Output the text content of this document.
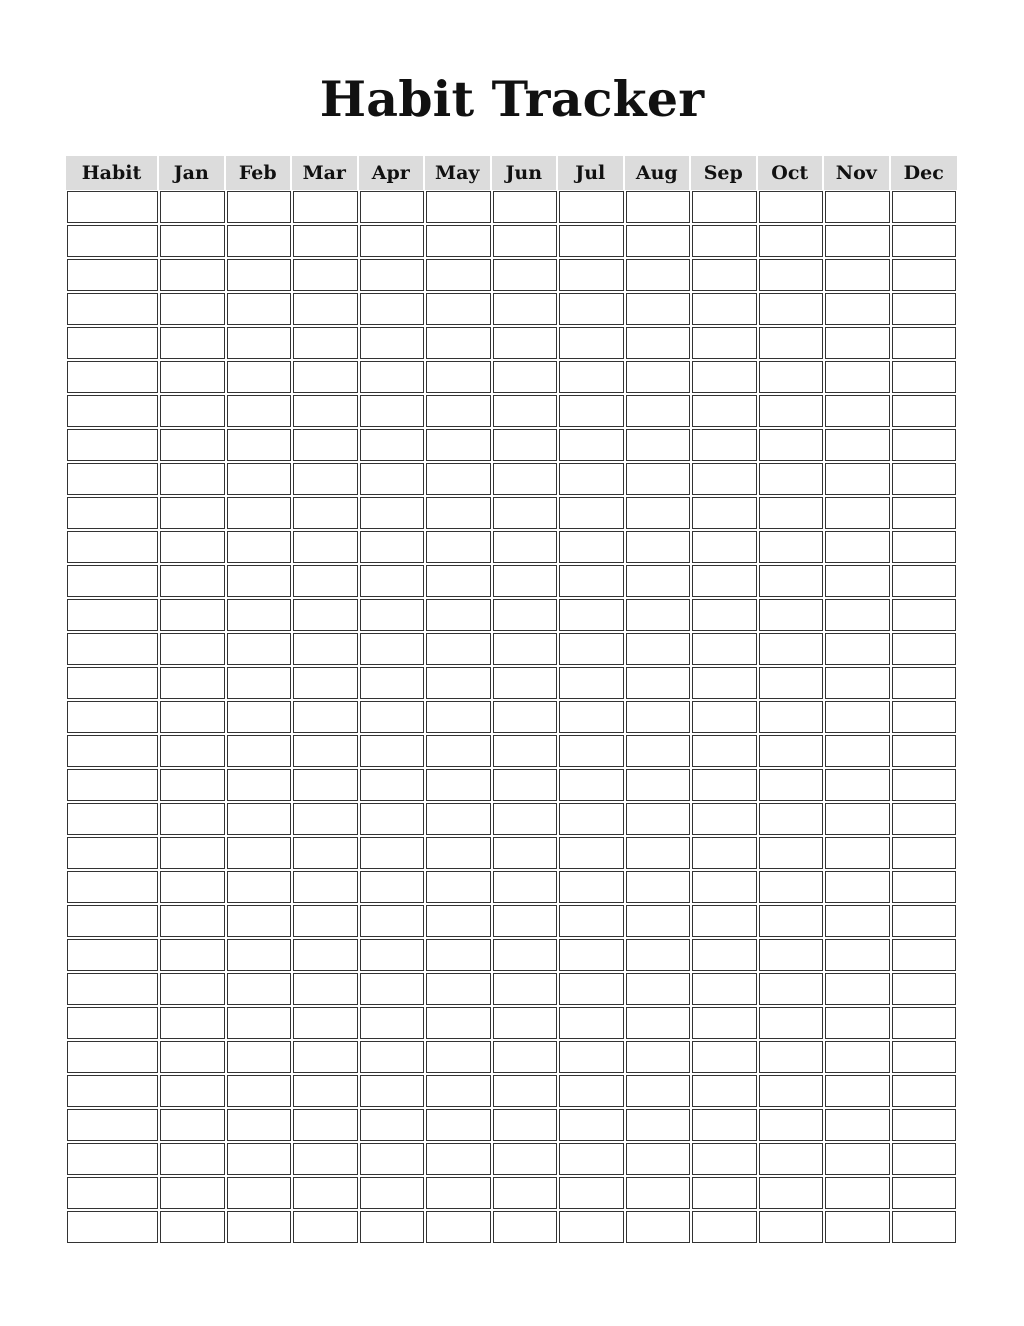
Habit Tracker
Habit	Jan	Feb	Mar	Apr	May	Jun	Jul	Aug	Sep	Oct	Nov	Dec
